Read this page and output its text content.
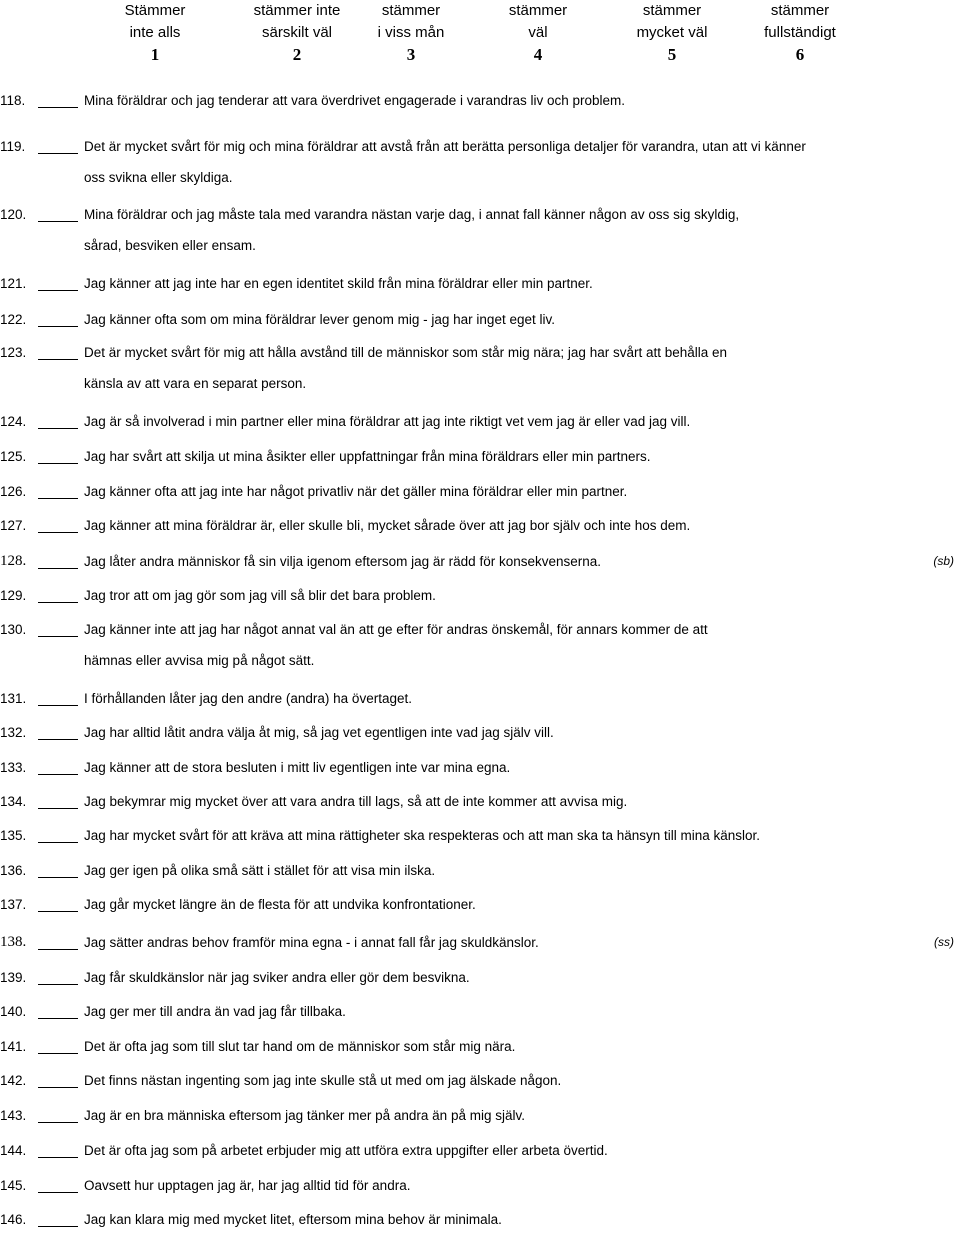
Stämmer
inte alls
1
stämmer inte
särskilt väl
2
stämmer
i viss mån
3
stämmer
väl
4
stämmer
mycket väl
5
stämmer
fullständigt
6
118.	Mina föräldrar och jag tenderar att vara överdrivet engagerade i varandras liv och problem.
119.	Det är mycket svårt för mig och mina föräldrar att avstå från att berätta personliga detaljer för varandra, utan att vi känner
oss svikna eller skyldiga.
120.	Mina föräldrar och jag måste tala med varandra nästan varje dag, i annat fall känner någon av oss sig skyldig,
sårad, besviken eller ensam.
121.	Jag känner att jag inte har en egen identitet skild från mina föräldrar eller min partner.
122.	Jag känner ofta som om mina föräldrar lever genom mig - jag har inget eget liv.
123.	Det är mycket svårt för mig att hålla avstånd till de människor som står mig nära; jag har svårt att behålla en
känsla av att vara en separat person.
124.	Jag är så involverad i min partner eller mina föräldrar att jag inte riktigt vet vem jag är eller vad jag vill.
125.	Jag har svårt att skilja ut mina åsikter eller uppfattningar från mina föräldrars eller min partners.
126.	Jag känner ofta att jag inte har något privatliv när det gäller mina föräldrar eller min partner.
127.	Jag känner att mina föräldrar är, eller skulle bli, mycket sårade över att jag bor själv och inte hos dem.
128.	Jag låter andra människor få sin vilja igenom eftersom jag är rädd för konsekvenserna.	(sb)
129.	Jag tror att om jag gör som jag vill så blir det bara problem.
130.	Jag känner inte att jag har något annat val än att ge efter för andras önskemål, för annars kommer de att
hämnas eller avvisa mig på något sätt.
131.	I förhållanden låter jag den andre (andra) ha övertaget.
132.	Jag har alltid låtit andra välja åt mig, så jag vet egentligen inte vad jag själv vill.
133.	Jag känner att de stora besluten i mitt liv egentligen inte var mina egna.
134.	Jag bekymrar mig mycket över att vara andra till lags, så att de inte kommer att avvisa mig.
135.	Jag har mycket svårt för att kräva att mina rättigheter ska respekteras och att man ska ta hänsyn till mina känslor.
136.	Jag ger igen på olika små sätt i stället för att visa min ilska.
137.	Jag går mycket längre än de flesta för att undvika konfrontationer.
138.	Jag sätter andras behov framför mina egna - i annat fall får jag skuldkänslor.	(ss)
139.	Jag får skuldkänslor när jag sviker andra eller gör dem besvikna.
140.	Jag ger mer till andra än vad jag får tillbaka.
141.	Det är ofta jag som till slut tar hand om de människor som står mig nära.
142.	Det finns nästan ingenting som jag inte skulle stå ut med om jag älskade någon.
143.	Jag är en bra människa eftersom jag tänker mer på andra än på mig själv.
144.	Det är ofta jag som på arbetet erbjuder mig att utföra extra uppgifter eller arbeta övertid.
145.	Oavsett hur upptagen jag är, har jag alltid tid för andra.
146.	Jag kan klara mig med mycket litet, eftersom mina behov är minimala.
